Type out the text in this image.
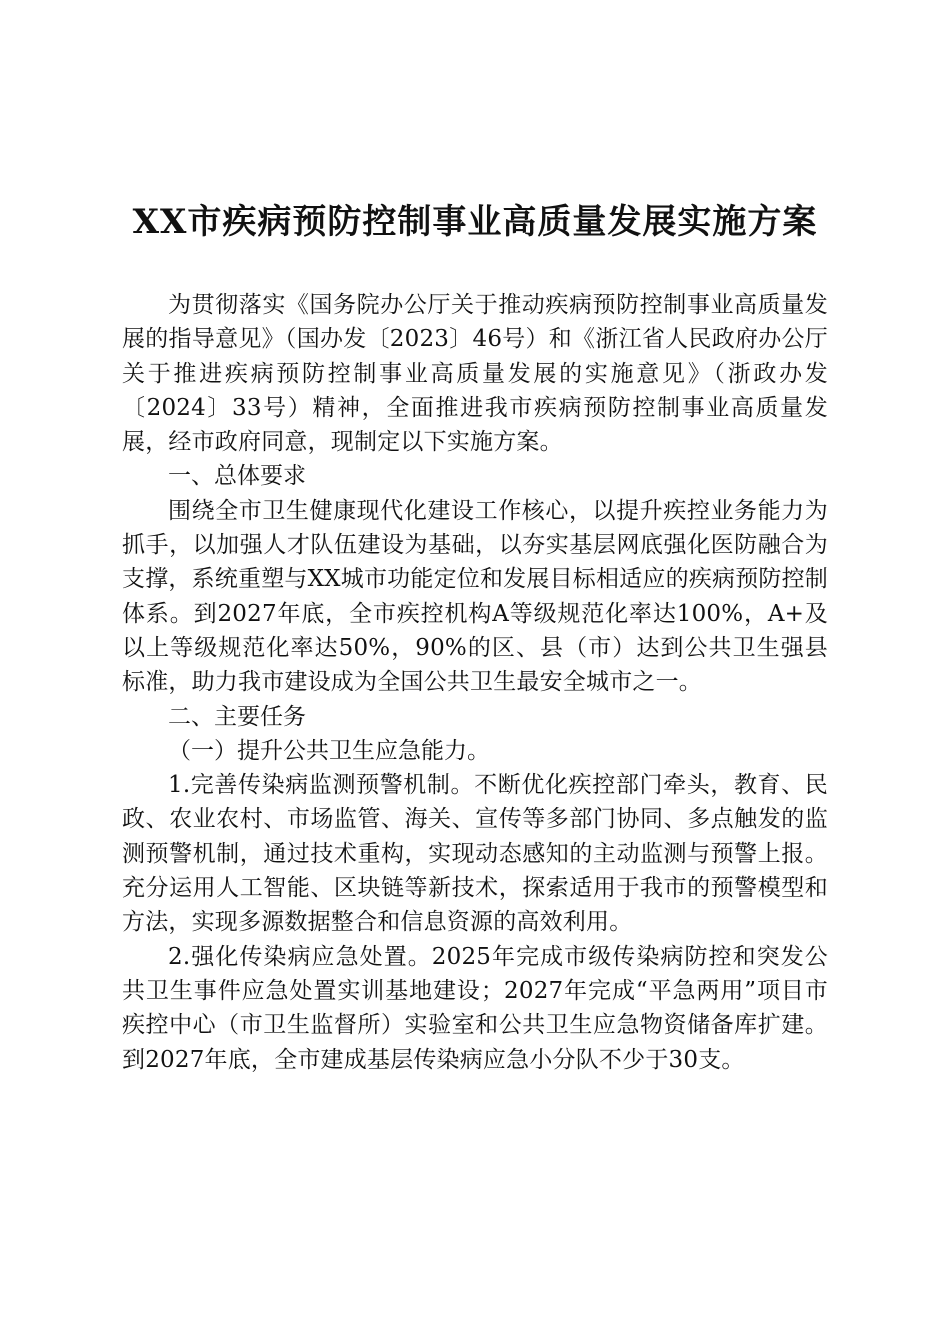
XX市疾病预防控制事业高质量发展实施方案

为贯彻落实《国务院办公厅关于推动疾病预防控制事业高质量发展的指导意见》（国办发〔2023〕46号）和《浙江省人民政府办公厅关于推进疾病预防控制事业高质量发展的实施意见》（浙政办发〔2024〕33号）精神，全面推进我市疾病预防控制事业高质量发展，经市政府同意，现制定以下实施方案。

一、总体要求

围绕全市卫生健康现代化建设工作核心，以提升疾控业务能力为抓手，以加强人才队伍建设为基础，以夯实基层网底强化医防融合为支撑，系统重塑与XX城市功能定位和发展目标相适应的疾病预防控制体系。到2027年底，全市疾控机构A等级规范化率达100%，A+及以上等级规范化率达50%，90%的区、县（市）达到公共卫生强县标准，助力我市建设成为全国公共卫生最安全城市之一。

二、主要任务

（一）提升公共卫生应急能力。

1.完善传染病监测预警机制。不断优化疾控部门牵头，教育、民政、农业农村、市场监管、海关、宣传等多部门协同、多点触发的监测预警机制，通过技术重构，实现动态感知的主动监测与预警上报。充分运用人工智能、区块链等新技术，探索适用于我市的预警模型和方法，实现多源数据整合和信息资源的高效利用。

2.强化传染病应急处置。2025年完成市级传染病防控和突发公共卫生事件应急处置实训基地建设；2027年完成“平急两用”项目市疾控中心（市卫生监督所）实验室和公共卫生应急物资储备库扩建。到2027年底，全市建成基层传染病应急小分队不少于30支。
